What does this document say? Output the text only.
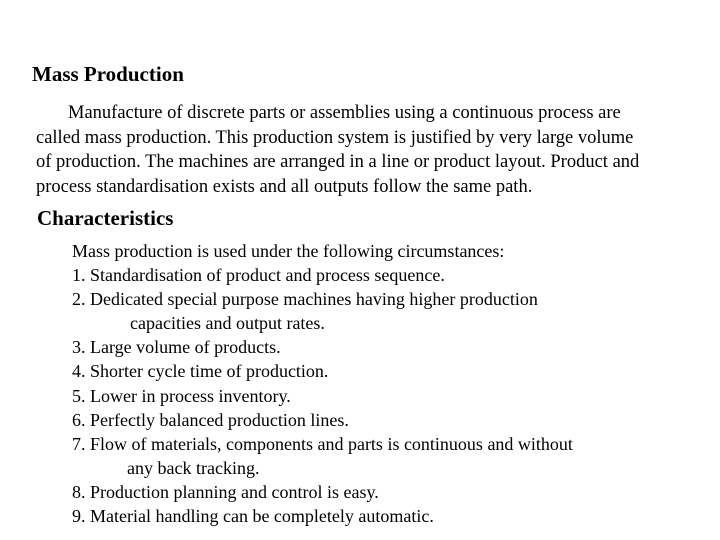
Mass Production
Manufacture of discrete parts or assemblies using a continuous process are
called mass production. This production system is justified by very large volume
of production. The machines are arranged in a line or product layout. Product and
process standardisation exists and all outputs follow the same path.
Characteristics
Mass production is used under the following circumstances:
1. Standardisation of product and process sequence.
2. Dedicated special purpose machines having higher production
capacities and output rates.
3. Large volume of products.
4. Shorter cycle time of production.
5. Lower in process inventory.
6. Perfectly balanced production lines.
7. Flow of materials, components and parts is continuous and without
any back tracking.
8. Production planning and control is easy.
9. Material handling can be completely automatic.
